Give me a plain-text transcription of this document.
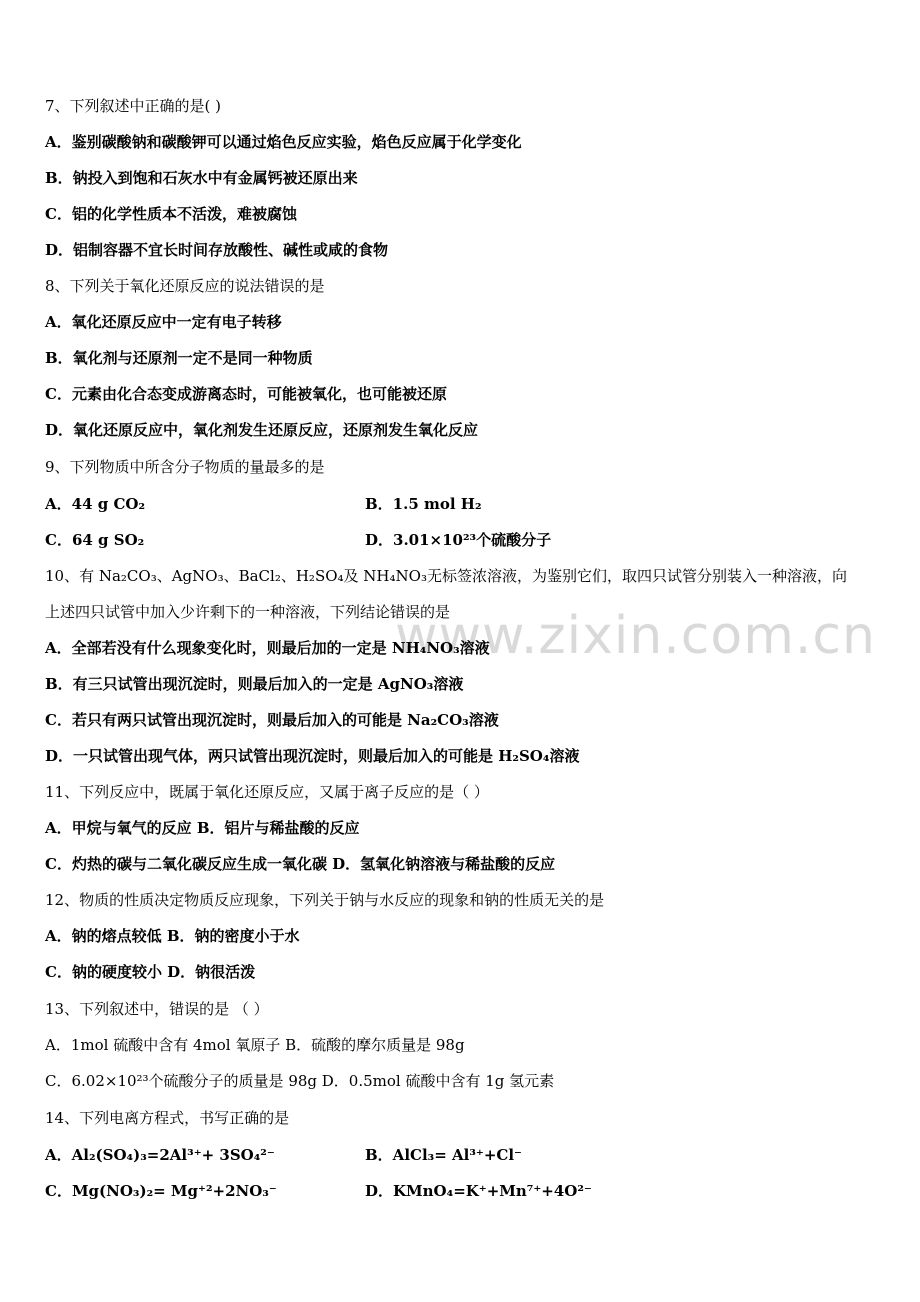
www.zixin.com.cn
7、下列叙述中正确的是( )
A．鉴别碳酸钠和碳酸钾可以通过焰色反应实验，焰色反应属于化学变化
B．钠投入到饱和石灰水中有金属钙被还原出来
C．铝的化学性质本不活泼，难被腐蚀
D．铝制容器不宜长时间存放酸性、碱性或咸的食物
8、下列关于氧化还原反应的说法错误的是
A．氧化还原反应中一定有电子转移
B．氧化剂与还原剂一定不是同一种物质
C．元素由化合态变成游离态时，可能被氧化，也可能被还原
D．氧化还原反应中，氧化剂发生还原反应，还原剂发生氧化反应
9、下列物质中所含分子物质的量最多的是
A．44 g CO₂	B．1.5 mol H₂
C．64 g SO₂	D．3.01×10²³个硫酸分子
10、有 Na₂CO₃、AgNO₃、BaCl₂、H₂SO₄及 NH₄NO₃无标签浓溶液，为鉴别它们，取四只试管分别装入一种溶液，向
上述四只试管中加入少许剩下的一种溶液，下列结论错误的是
A．全部若没有什么现象变化时，则最后加的一定是 NH₄NO₃溶液
B．有三只试管出现沉淀时，则最后加入的一定是 AgNO₃溶液
C．若只有两只试管出现沉淀时，则最后加入的可能是 Na₂CO₃溶液
D．一只试管出现气体，两只试管出现沉淀时，则最后加入的可能是 H₂SO₄溶液
11、下列反应中，既属于氧化还原反应，又属于离子反应的是（ ）
A．甲烷与氧气的反应 B．铝片与稀盐酸的反应
C．灼热的碳与二氧化碳反应生成一氧化碳 D．氢氧化钠溶液与稀盐酸的反应
12、物质的性质决定物质反应现象，下列关于钠与水反应的现象和钠的性质无关的是
A．钠的熔点较低 B．钠的密度小于水
C．钠的硬度较小 D．钠很活泼
13、下列叙述中，错误的是 （ ）
A．1mol 硫酸中含有 4mol 氧原子 B．硫酸的摩尔质量是 98g
C．6.02×10²³个硫酸分子的质量是 98g D．0.5mol 硫酸中含有 1g 氢元素
14、下列电离方程式，书写正确的是
A．Al₂(SO₄)₃=2Al³⁺+ 3SO₄²⁻	B．AlCl₃= Al³⁺+Cl⁻
C．Mg(NO₃)₂= Mg⁺²+2NO₃⁻	D．KMnO₄=K⁺+Mn⁷⁺+4O²⁻
